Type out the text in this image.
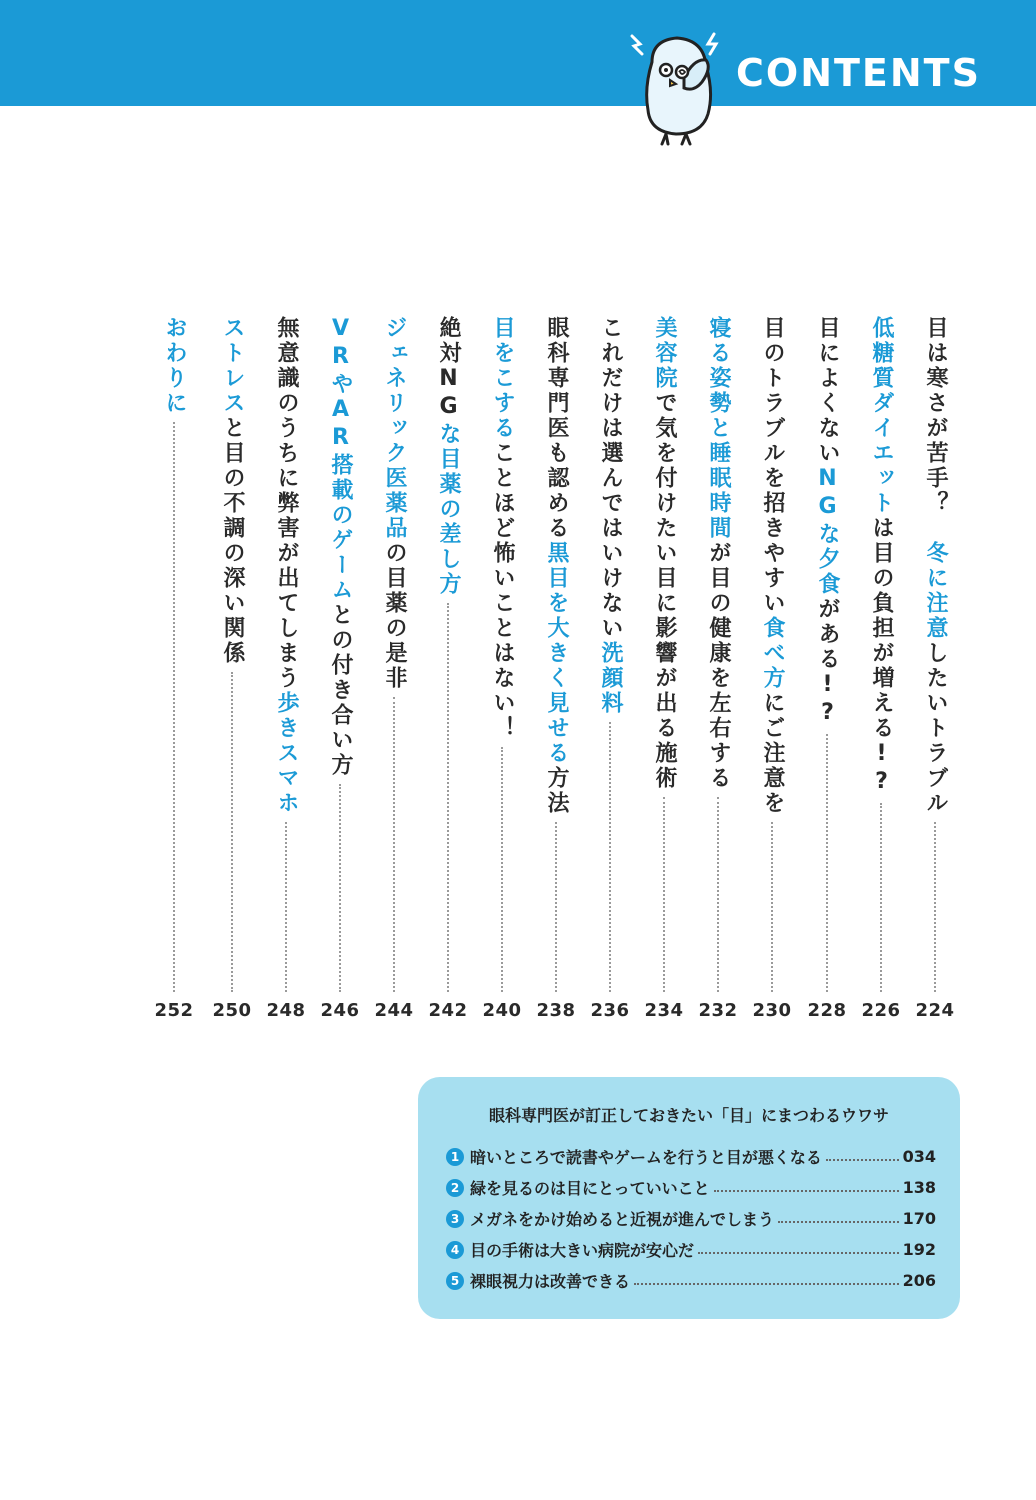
CONTENTS
目は寒さが苦手？　冬に注意したいトラブル
224
低糖質ダイエットは目の負担が増える!?
226
目によくないNGな夕食がある!?
228
目のトラブルを招きやすい食べ方にご注意を
230
寝る姿勢と睡眠時間が目の健康を左右する
232
美容院で気を付けたい目に影響が出る施術
234
これだけは選んではいけない洗顔料
236
眼科専門医も認める黒目を大きく見せる方法
238
目をこすることほど怖いことはない！
240
絶対NGな目薬の差し方
242
ジェネリック医薬品の目薬の是非
244
VRやAR搭載のゲームとの付き合い方
246
無意識のうちに弊害が出てしまう歩きスマホ
248
ストレスと目の不調の深い関係
250
おわりに
252
眼科専門医が訂正しておきたい「目」にまつわるウワサ
1 暗いところで読書やゲームを行うと目が悪くなる	034
2 緑を見るのは目にとっていいこと	138
3 メガネをかけ始めると近視が進んでしまう	170
4 目の手術は大きい病院が安心だ	192
5 裸眼視力は改善できる	206
